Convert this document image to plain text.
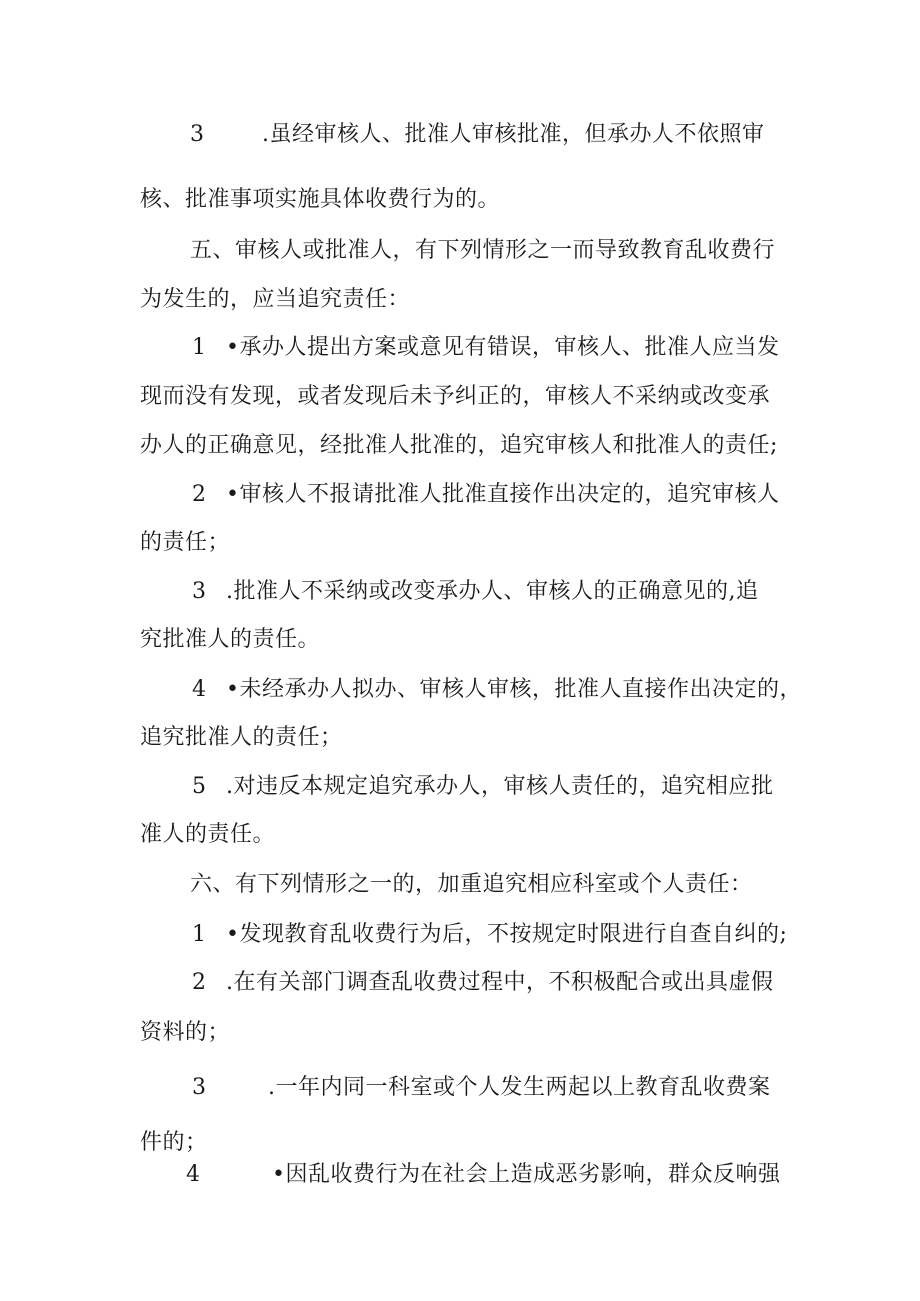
3	.虽经审核人、批准人审核批准，但承办人不依照审
核、批准事项实施具体收费行为的。
五、审核人或批准人，有下列情形之一而导致教育乱收费行
为发生的，应当追究责任：
1 •承办人提出方案或意见有错误，审核人、批准人应当发
现而没有发现，或者发现后未予纠正的，审核人不采纳或改变承
办人的正确意见，经批准人批准的，追究审核人和批准人的责任;
2 •审核人不报请批准人批准直接作出决定的，追究审核人
的责任；
3 .批准人不采纳或改变承办人、审核人的正确意见的,追
究批准人的责任。
4 •未经承办人拟办、审核人审核，批准人直接作出决定的，
追究批准人的责任；
5 .对违反本规定追究承办人，审核人责任的，追究相应批
准人的责任。
六、有下列情形之一的，加重追究相应科室或个人责任：
1 •发现教育乱收费行为后，不按规定时限进行自查自纠的;
2 .在有关部门调查乱收费过程中，不积极配合或出具虚假
资料的；
3	.一年内同一科室或个人发生两起以上教育乱收费案
件的；
4	•因乱收费行为在社会上造成恶劣影响，群众反响强
